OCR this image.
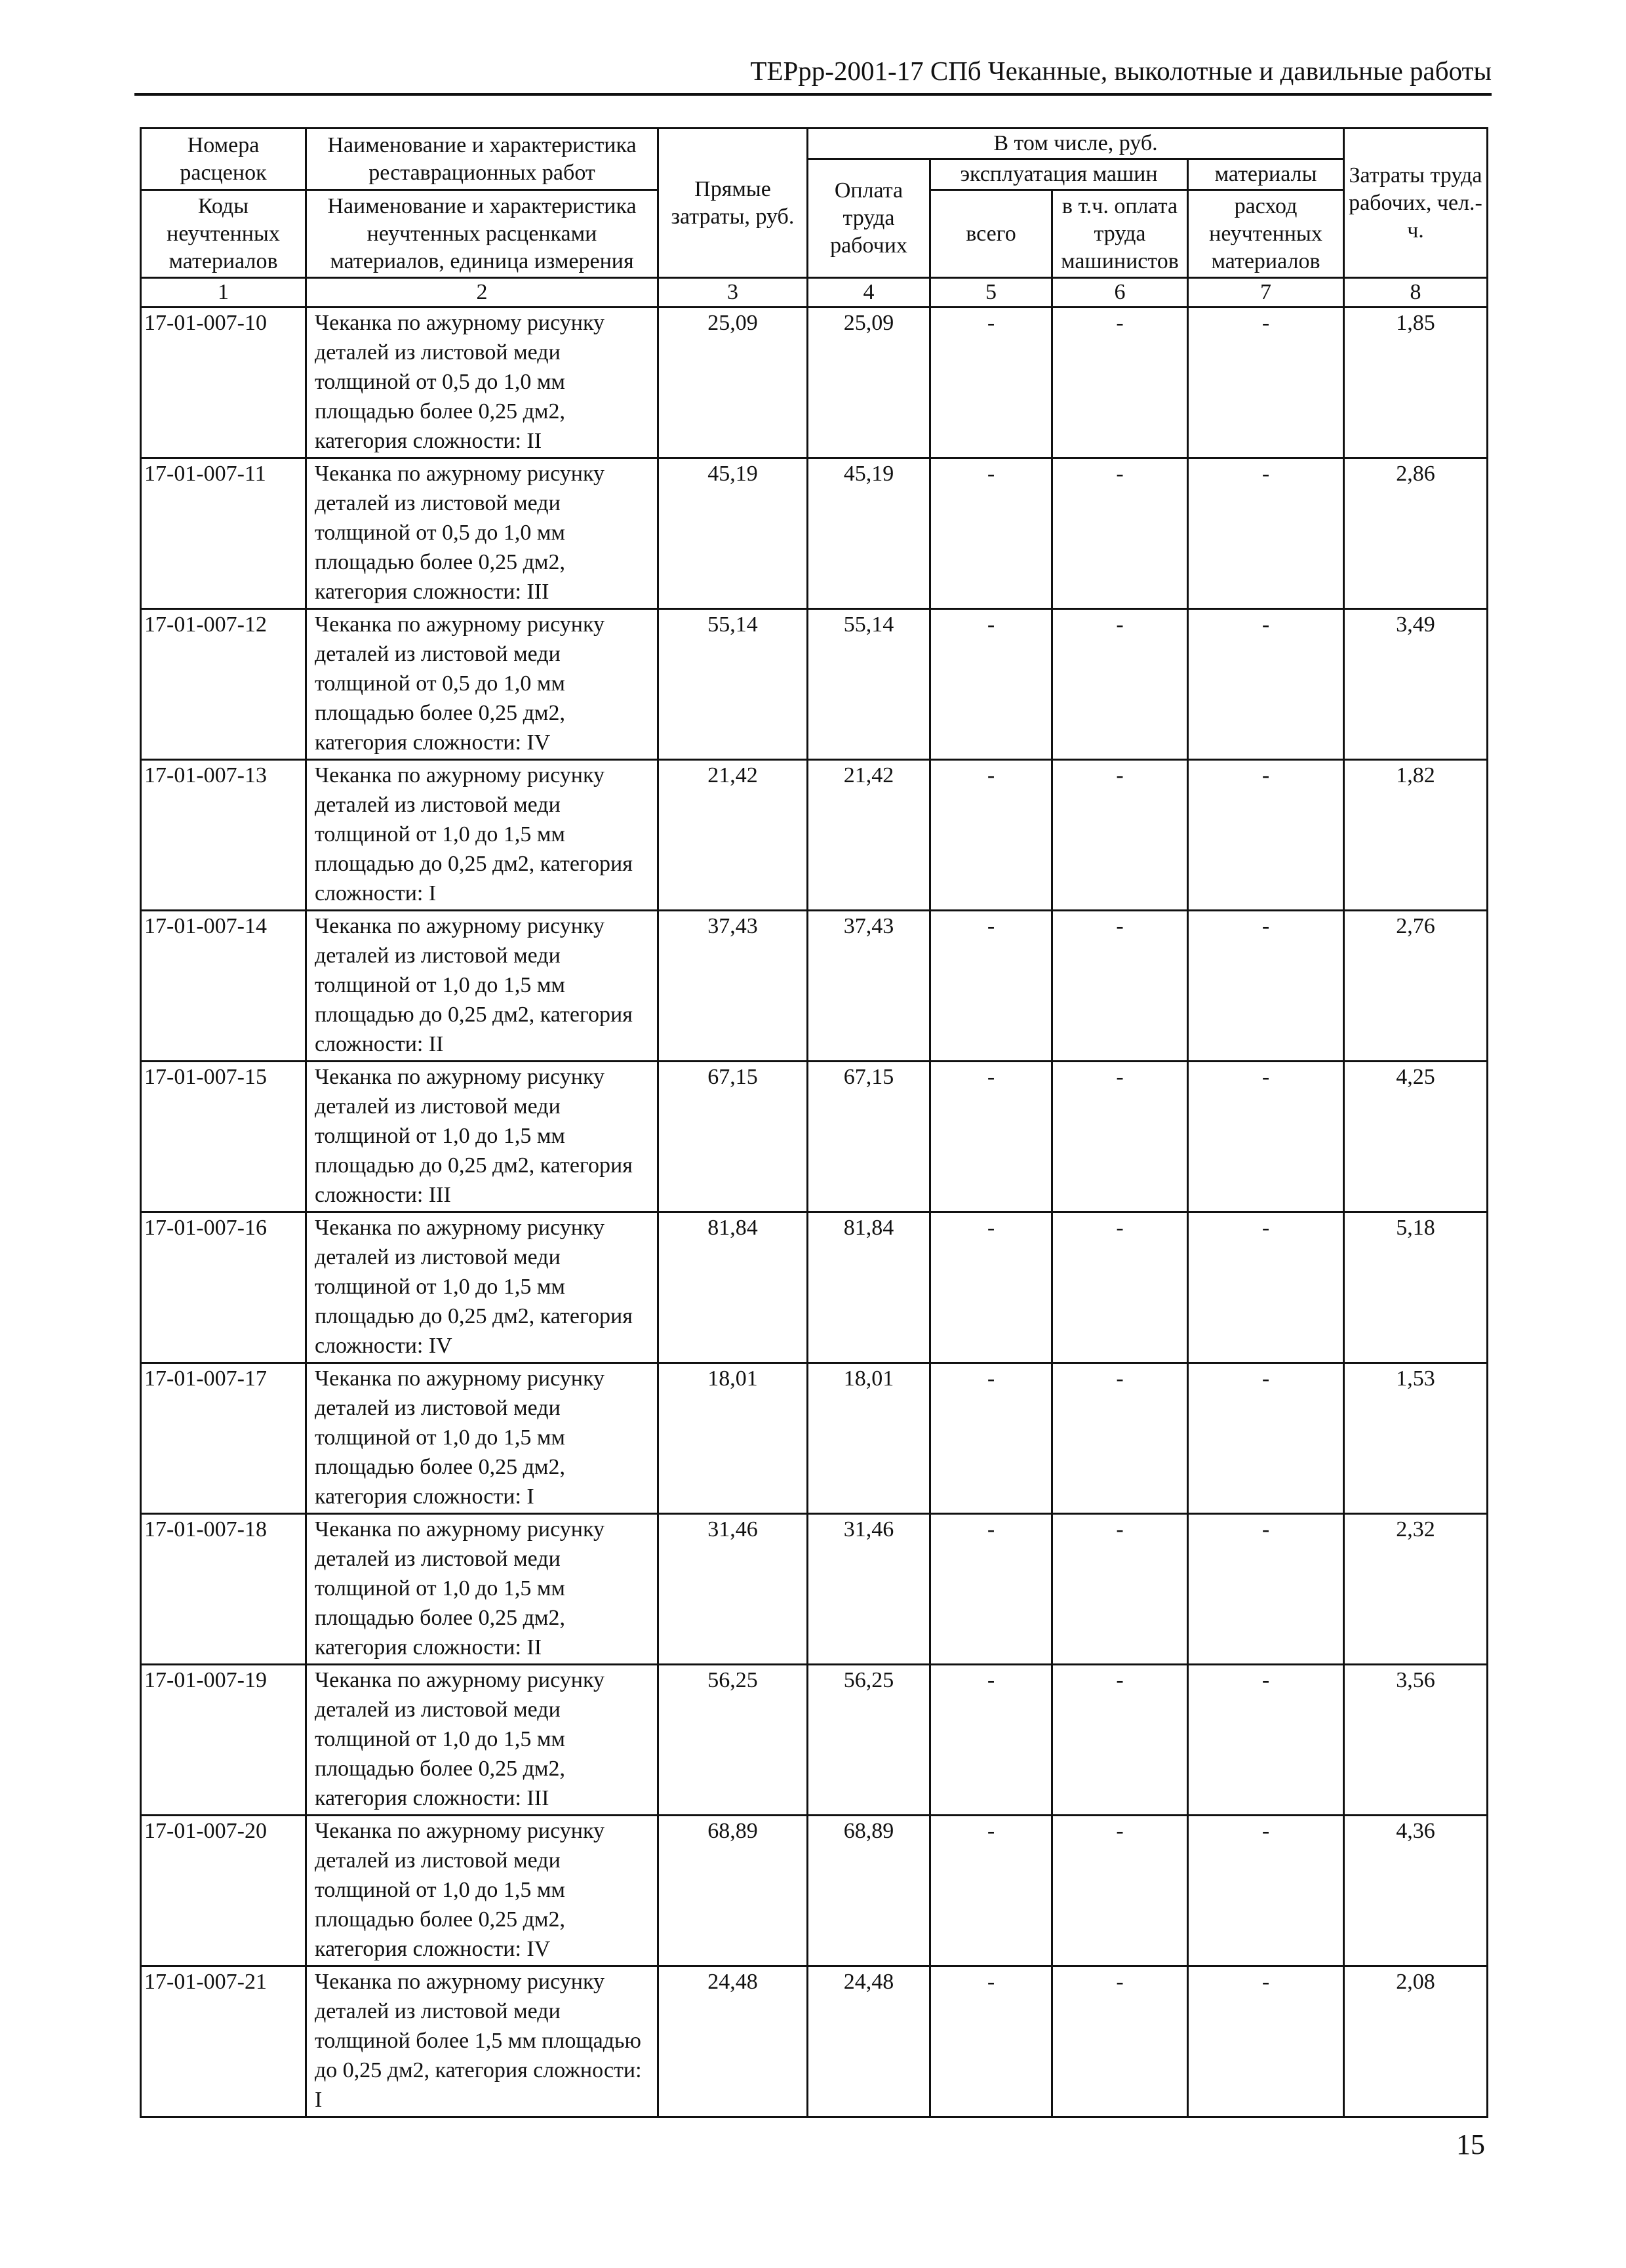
ТЕРрр-2001-17 СПб Чеканные, выколотные и давильные работы
Номера расценок	Наименование и характеристика реставрационных работ	Прямые затраты, руб.	В том числе, руб.				Затраты труда рабочих, чел.-ч.
			Оплата труда рабочих	эксплуатация машин		материалы	
Коды неучтенных материалов	Наименование и характеристика неучтенных расценками материалов, единица измерения			всего	в т.ч. оплата труда машинистов	расход неучтенных материалов	
1	2	3	4	5	6	7	8
17-01-007-10	Чеканка по ажурному рисунку деталей из листовой меди толщиной от 0,5 до 1,0 мм площадью более 0,25 дм2, категория сложности: II	25,09	25,09	-	-	-	1,85
17-01-007-11	Чеканка по ажурному рисунку деталей из листовой меди толщиной от 0,5 до 1,0 мм площадью более 0,25 дм2, категория сложности: III	45,19	45,19	-	-	-	2,86
17-01-007-12	Чеканка по ажурному рисунку деталей из листовой меди толщиной от 0,5 до 1,0 мм площадью более 0,25 дм2, категория сложности: IV	55,14	55,14	-	-	-	3,49
17-01-007-13	Чеканка по ажурному рисунку деталей из листовой меди толщиной от 1,0 до 1,5 мм площадью до 0,25 дм2, категория сложности: I	21,42	21,42	-	-	-	1,82
17-01-007-14	Чеканка по ажурному рисунку деталей из листовой меди толщиной от 1,0 до 1,5 мм площадью до 0,25 дм2, категория сложности: II	37,43	37,43	-	-	-	2,76
17-01-007-15	Чеканка по ажурному рисунку деталей из листовой меди толщиной от 1,0 до 1,5 мм площадью до 0,25 дм2, категория сложности: III	67,15	67,15	-	-	-	4,25
17-01-007-16	Чеканка по ажурному рисунку деталей из листовой меди толщиной от 1,0 до 1,5 мм площадью до 0,25 дм2, категория сложности: IV	81,84	81,84	-	-	-	5,18
17-01-007-17	Чеканка по ажурному рисунку деталей из листовой меди толщиной от 1,0 до 1,5 мм площадью более 0,25 дм2, категория сложности: I	18,01	18,01	-	-	-	1,53
17-01-007-18	Чеканка по ажурному рисунку деталей из листовой меди толщиной от 1,0 до 1,5 мм площадью более 0,25 дм2, категория сложности: II	31,46	31,46	-	-	-	2,32
17-01-007-19	Чеканка по ажурному рисунку деталей из листовой меди толщиной от 1,0 до 1,5 мм площадью более 0,25 дм2, категория сложности: III	56,25	56,25	-	-	-	3,56
17-01-007-20	Чеканка по ажурному рисунку деталей из листовой меди толщиной от 1,0 до 1,5 мм площадью более 0,25 дм2, категория сложности: IV	68,89	68,89	-	-	-	4,36
17-01-007-21	Чеканка по ажурному рисунку деталей из листовой меди толщиной более 1,5 мм площадью до 0,25 дм2, категория сложности: I	24,48	24,48	-	-	-	2,08
15
